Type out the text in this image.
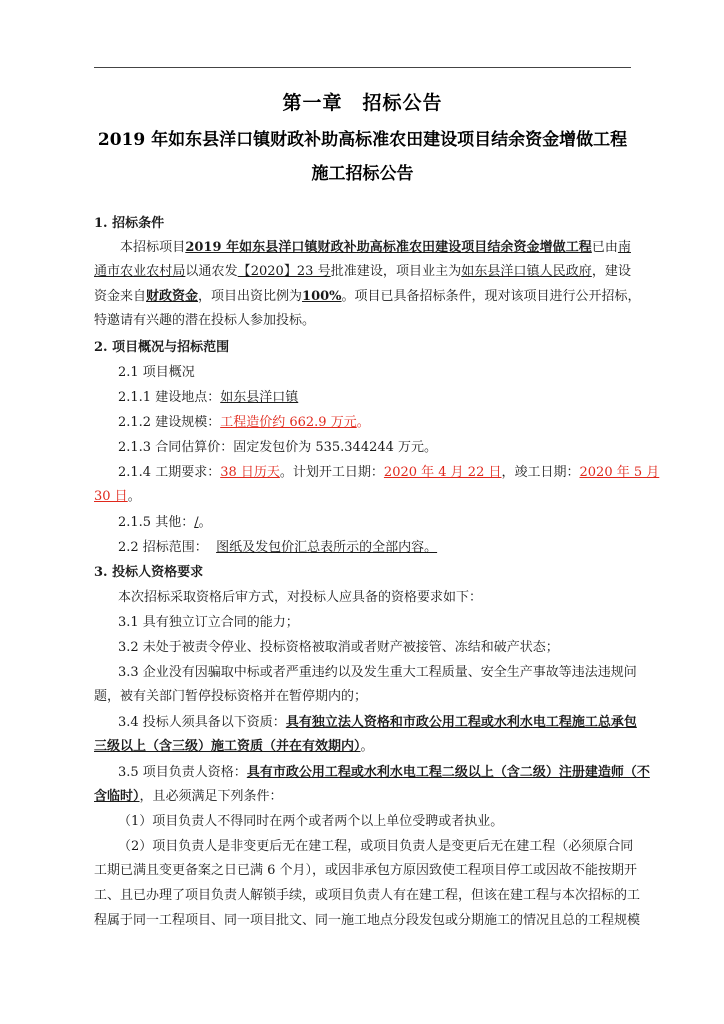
第一章　招标公告
2019 年如东县洋口镇财政补助高标准农田建设项目结余资金增做工程
施工招标公告
1. 招标条件
本招标项目2019 年如东县洋口镇财政补助高标准农田建设项目结余资金增做工程已由南
通市农业农村局以通农发【2020】23 号批准建设，项目业主为如东县洋口镇人民政府，建设
资金来自财政资金，项目出资比例为100%。项目已具备招标条件，现对该项目进行公开招标，
特邀请有兴趣的潜在投标人参加投标。
2. 项目概况与招标范围
2.1 项目概况
2.1.1 建设地点：如东县洋口镇
2.1.2 建设规模：工程造价约 662.9 万元。
2.1.3 合同估算价：固定发包价为 535.344244 万元。
2.1.4 工期要求：38 日历天。计划开工日期：2020 年 4 月 22 日，竣工日期：2020 年 5 月
30 日。
2.1.5 其他：/。
2.2 招标范围： 图纸及发包价汇总表所示的全部内容。
3. 投标人资格要求
本次招标采取资格后审方式，对投标人应具备的资格要求如下：
3.1 具有独立订立合同的能力；
3.2 未处于被责令停业、投标资格被取消或者财产被接管、冻结和破产状态；
3.3 企业没有因骗取中标或者严重违约以及发生重大工程质量、安全生产事故等违法违规问
题，被有关部门暂停投标资格并在暂停期内的；
3.4 投标人须具备以下资质：具有独立法人资格和市政公用工程或水利水电工程施工总承包
三级以上（含三级）施工资质（并在有效期内）。
3.5 项目负责人资格：具有市政公用工程或水利水电工程二级以上（含二级）注册建造师（不
含临时），且必须满足下列条件：
（1）项目负责人不得同时在两个或者两个以上单位受聘或者执业。
（2）项目负责人是非变更后无在建工程，或项目负责人是变更后无在建工程（必须原合同
工期已满且变更备案之日已满 6 个月），或因非承包方原因致使工程项目停工或因故不能按期开
工、且已办理了项目负责人解锁手续，或项目负责人有在建工程，但该在建工程与本次招标的工
程属于同一工程项目、同一项目批文、同一施工地点分段发包或分期施工的情况且总的工程规模
